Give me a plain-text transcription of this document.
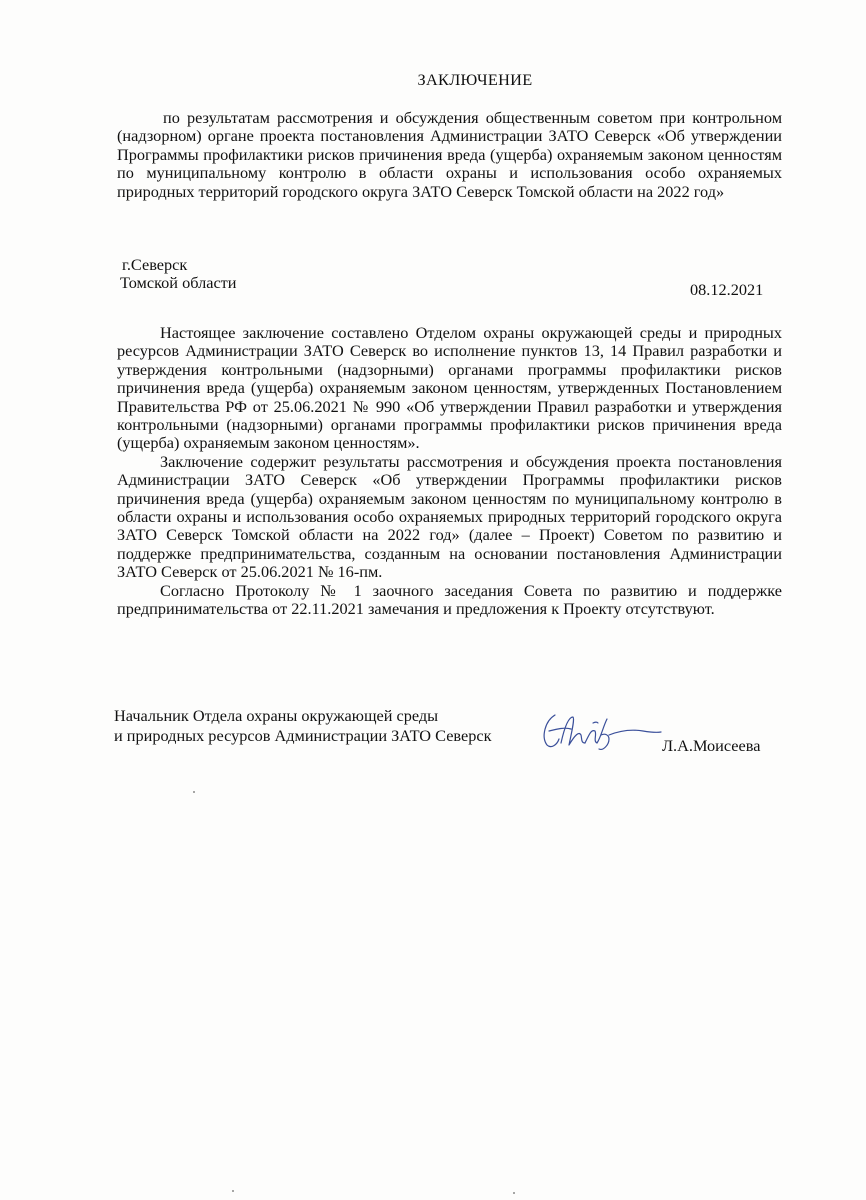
ЗАКЛЮЧЕНИЕ
по результатам рассмотрения и обсуждения общественным советом при контрольном (надзорном) органе проекта постановления Администрации ЗАТО Северск «Об утверждении Программы профилактики рисков причинения вреда (ущерба) охраняемым законом ценностям по муниципальному контролю в области охраны и использования особо охраняемых природных территорий городского округа ЗАТО Северск Томской области на 2022 год»
г.Северск
Томской области	08.12.2021

Настоящее заключение составлено Отделом охраны окружающей среды и природных ресурсов Администрации ЗАТО Северск во исполнение пунктов 13, 14 Правил разработки и утверждения контрольными (надзорными) органами программы профилактики рисков причинения вреда (ущерба) охраняемым законом ценностям, утвержденных Постановлением Правительства РФ от 25.06.2021 № 990 «Об утверждении Правил разработки и утверждения контрольными (надзорными) органами программы профилактики рисков причинения вреда (ущерба) охраняемым законом ценностям».

Заключение содержит результаты рассмотрения и обсуждения проекта постановления Администрации ЗАТО Северск «Об утверждении Программы профилактики рисков причинения вреда (ущерба) охраняемым законом ценностям по муниципальному контролю в области охраны и использования особо охраняемых природных территорий городского округа ЗАТО Северск Томской области на 2022 год» (далее – Проект) Советом по развитию и поддержке предпринимательства, созданным на основании постановления Администрации ЗАТО Северск от 25.06.2021 № 16-пм.

Согласно Протоколу № 1 заочного заседания Совета по развитию и поддержке предпринимательства от 22.11.2021 замечания и предложения к Проекту отсутствуют.

Начальник Отдела охраны окружающей среды
и природных ресурсов Администрации ЗАТО Северск
Л.А.Моисеева
